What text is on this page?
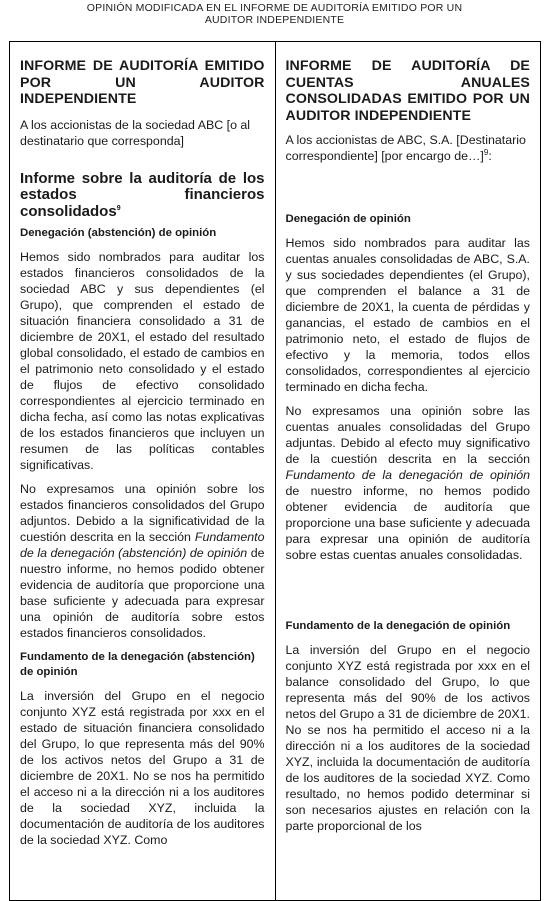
OPINIÓN MODIFICADA EN EL INFORME DE AUDITORÍA EMITIDO POR UN
AUDITOR INDEPENDIENTE
INFORME DE AUDITORÍA EMITIDO POR UN AUDITOR INDEPENDIENTE

A los accionistas de la sociedad ABC [o al destinatario que corresponda]

Informe sobre la auditoría de los estados financieros consolidados$^9$
Denegación (abstención) de opinión

Hemos sido nombrados para auditar los estados financieros consolidados de la sociedad ABC y sus dependientes (el Grupo), que comprenden el estado de situación financiera consolidado a 31 de diciembre de 20X1, el estado del resultado global consolidado, el estado de cambios en el patrimonio neto consolidado y el estado de flujos de efectivo consolidado correspondientes al ejercicio terminado en dicha fecha, así como las notas explicativas de los estados financieros que incluyen un resumen de las políticas contables significativas.

No expresamos una opinión sobre los estados financieros consolidados del Grupo adjuntos. Debido a la significatividad de la cuestión descrita en la sección Fundamento de la denegación (abstención) de opinión de nuestro informe, no hemos podido obtener evidencia de auditoría que proporcione una base suficiente y adecuada para expresar una opinión de auditoría sobre estos estados financieros consolidados.

Fundamento de la denegación (abstención) de opinión

La inversión del Grupo en el negocio conjunto XYZ está registrada por xxx en el estado de situación financiera consolidado del Grupo, lo que representa más del 90% de los activos netos del Grupo a 31 de diciembre de 20X1. No se nos ha permitido el acceso ni a la dirección ni a los auditores de la sociedad XYZ, incluida la documentación de auditoría de los auditores de la sociedad XYZ. Como

INFORME DE AUDITORÍA DE CUENTAS ANUALES CONSOLIDADAS EMITIDO POR UN AUDITOR INDEPENDIENTE

A los accionistas de ABC, S.A. [Destinatario correspondiente] [por encargo de…]$^9$:

Denegación de opinión

Hemos sido nombrados para auditar las cuentas anuales consolidadas de ABC, S.A. y sus sociedades dependientes (el Grupo), que comprenden el balance a 31 de diciembre de 20X1, la cuenta de pérdidas y ganancias, el estado de cambios en el patrimonio neto, el estado de flujos de efectivo y la memoria, todos ellos consolidados, correspondientes al ejercicio terminado en dicha fecha.

No expresamos una opinión sobre las cuentas anuales consolidadas del Grupo adjuntas. Debido al efecto muy significativo de la cuestión descrita en la sección Fundamento de la denegación de opinión de nuestro informe, no hemos podido obtener evidencia de auditoría que proporcione una base suficiente y adecuada para expresar una opinión de auditoría sobre estas cuentas anuales consolidadas.

Fundamento de la denegación de opinión

La inversión del Grupo en el negocio conjunto XYZ está registrada por xxx en el balance consolidado del Grupo, lo que representa más del 90% de los activos netos del Grupo a 31 de diciembre de 20X1. No se nos ha permitido el acceso ni a la dirección ni a los auditores de la sociedad XYZ, incluida la documentación de auditoría de los auditores de la sociedad XYZ. Como resultado, no hemos podido determinar si son necesarios ajustes en relación con la parte proporcional de los
